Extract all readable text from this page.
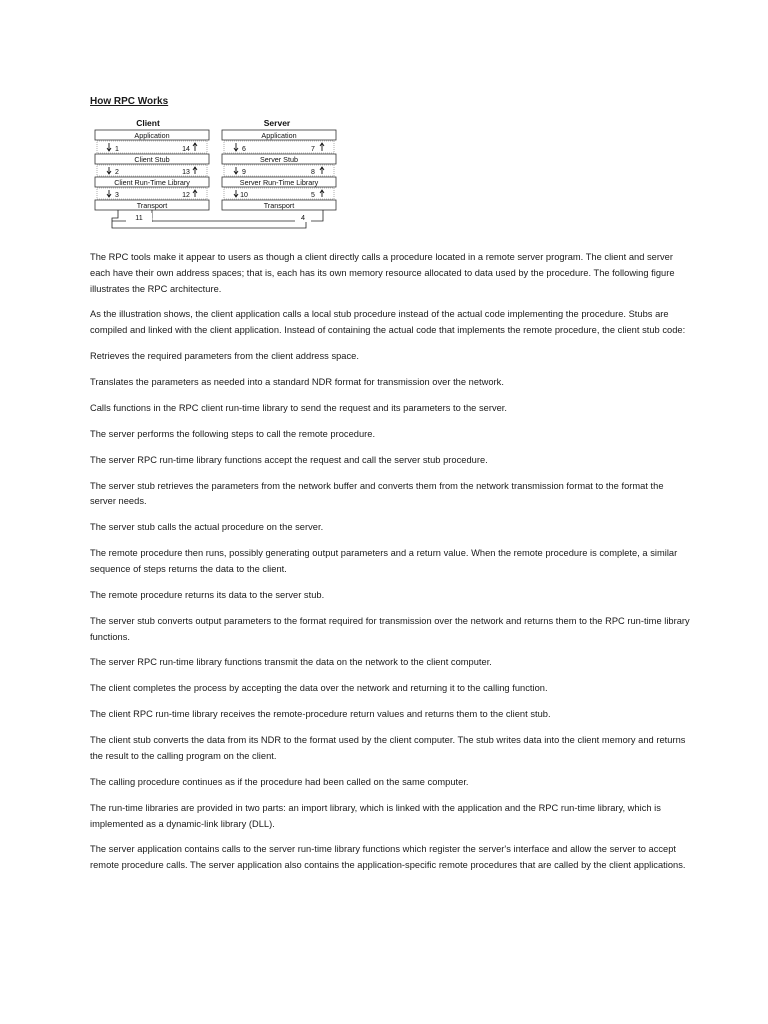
How RPC Works
Client	Server
Application
Client Stub
Client Run-Time Library
Transport
1	14
2	13
3	12
Application
Server Stub
Server Run-Time Library
Transport
6	7
9	8
10	5
11	4

The RPC tools make it appear to users as though a client directly calls a procedure located in a remote server program. The client and server each have their own address spaces; that is, each has its own memory resource allocated to data used by the procedure. The following figure illustrates the RPC architecture.

As the illustration shows, the client application calls a local stub procedure instead of the actual code implementing the procedure. Stubs are compiled and linked with the client application. Instead of containing the actual code that implements the remote procedure, the client stub code:

Retrieves the required parameters from the client address space.

Translates the parameters as needed into a standard NDR format for transmission over the network.

Calls functions in the RPC client run-time library to send the request and its parameters to the server.

The server performs the following steps to call the remote procedure.

The server RPC run-time library functions accept the request and call the server stub procedure.

The server stub retrieves the parameters from the network buffer and converts them from the network transmission format to the format the server needs.

The server stub calls the actual procedure on the server.

The remote procedure then runs, possibly generating output parameters and a return value. When the remote procedure is complete, a similar sequence of steps returns the data to the client.

The remote procedure returns its data to the server stub.

The server stub converts output parameters to the format required for transmission over the network and returns them to the RPC run-time library functions.

The server RPC run-time library functions transmit the data on the network to the client computer.

The client completes the process by accepting the data over the network and returning it to the calling function.

The client RPC run-time library receives the remote-procedure return values and returns them to the client stub.

The client stub converts the data from its NDR to the format used by the client computer. The stub writes data into the client memory and returns the result to the calling program on the client.

The calling procedure continues as if the procedure had been called on the same computer.

The run-time libraries are provided in two parts: an import library, which is linked with the application and the RPC run-time library, which is implemented as a dynamic-link library (DLL).

The server application contains calls to the server run-time library functions which register the server's interface and allow the server to accept remote procedure calls. The server application also contains the application-specific remote procedures that are called by the client applications.
